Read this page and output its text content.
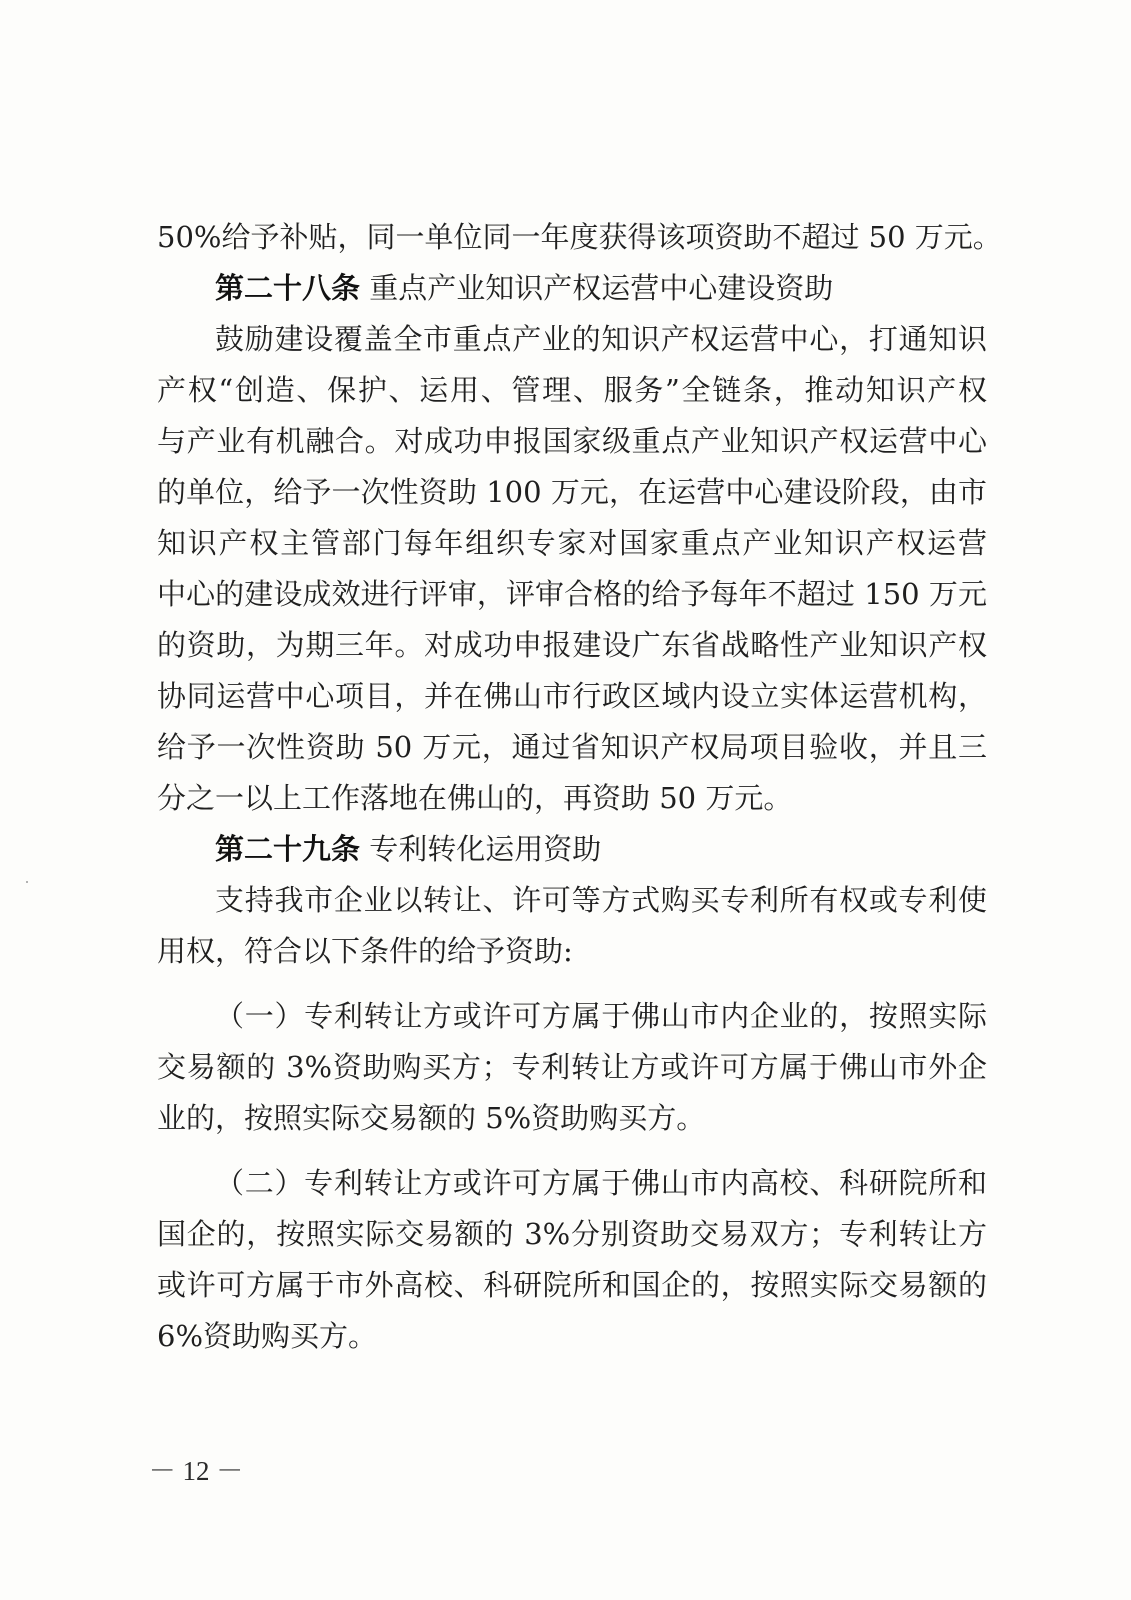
50%给予补贴，同一单位同一年度获得该项资助不超过 50 万元。
第二十八条 重点产业知识产权运营中心建设资助
鼓励建设覆盖全市重点产业的知识产权运营中心，打通知识
产权“创造、保护、运用、管理、服务”全链条，推动知识产权
与产业有机融合。对成功申报国家级重点产业知识产权运营中心
的单位，给予一次性资助 100 万元，在运营中心建设阶段，由市
知识产权主管部门每年组织专家对国家重点产业知识产权运营
中心的建设成效进行评审，评审合格的给予每年不超过 150 万元
的资助，为期三年。对成功申报建设广东省战略性产业知识产权
协同运营中心项目，并在佛山市行政区域内设立实体运营机构，
给予一次性资助 50 万元，通过省知识产权局项目验收，并且三
分之一以上工作落地在佛山的，再资助 50 万元。
第二十九条 专利转化运用资助
支持我市企业以转让、许可等方式购买专利所有权或专利使
用权，符合以下条件的给予资助:
（一）专利转让方或许可方属于佛山市内企业的，按照实际
交易额的 3%资助购买方；专利转让方或许可方属于佛山市外企
业的，按照实际交易额的 5%资助购买方。
（二）专利转让方或许可方属于佛山市内高校、科研院所和
国企的，按照实际交易额的 3%分别资助交易双方；专利转让方
或许可方属于市外高校、科研院所和国企的，按照实际交易额的
6%资助购买方。
－ 12 －
